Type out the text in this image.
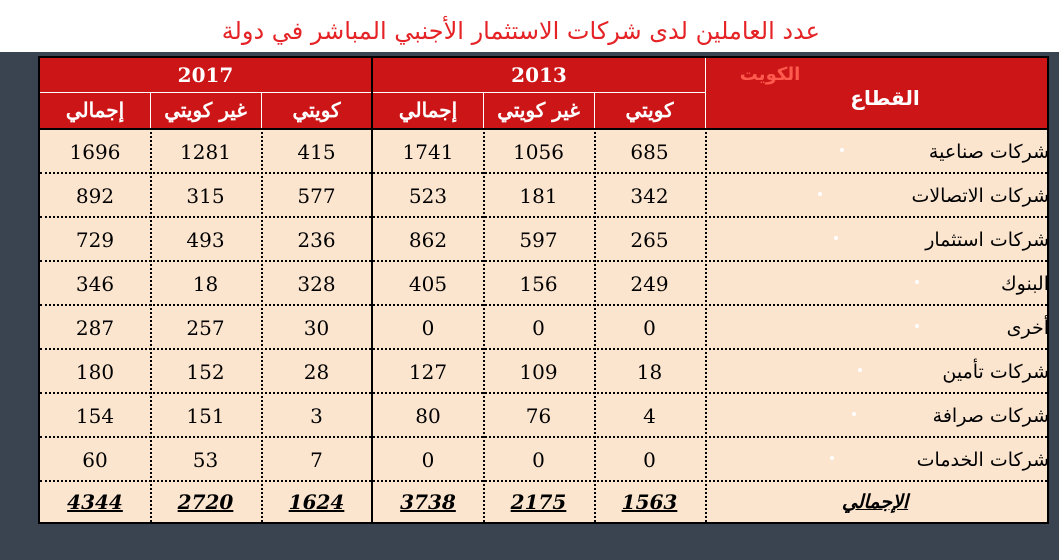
عدد العاملين لدى شركات الاستثمار الأجنبي المباشر في دولة
2017	2013
إجمالي	غير كويتي	كويتي	إجمالي	غير كويتي	كويتي
الكويت
القطاع
1696	1281	415	1741	1056	685	شركات صناعية
892	315	577	523	181	342	شركات الاتصالات
729	493	236	862	597	265	شركات استثمار
346	18	328	405	156	249	البنوك
287	257	30	0	0	0	أخرى
180	152	28	127	109	18	شركات تأمين
154	151	3	80	76	4	شركات صرافة
60	53	7	0	0	0	شركات الخدمات
4344	2720	1624	3738	2175	1563	الإجمالي
